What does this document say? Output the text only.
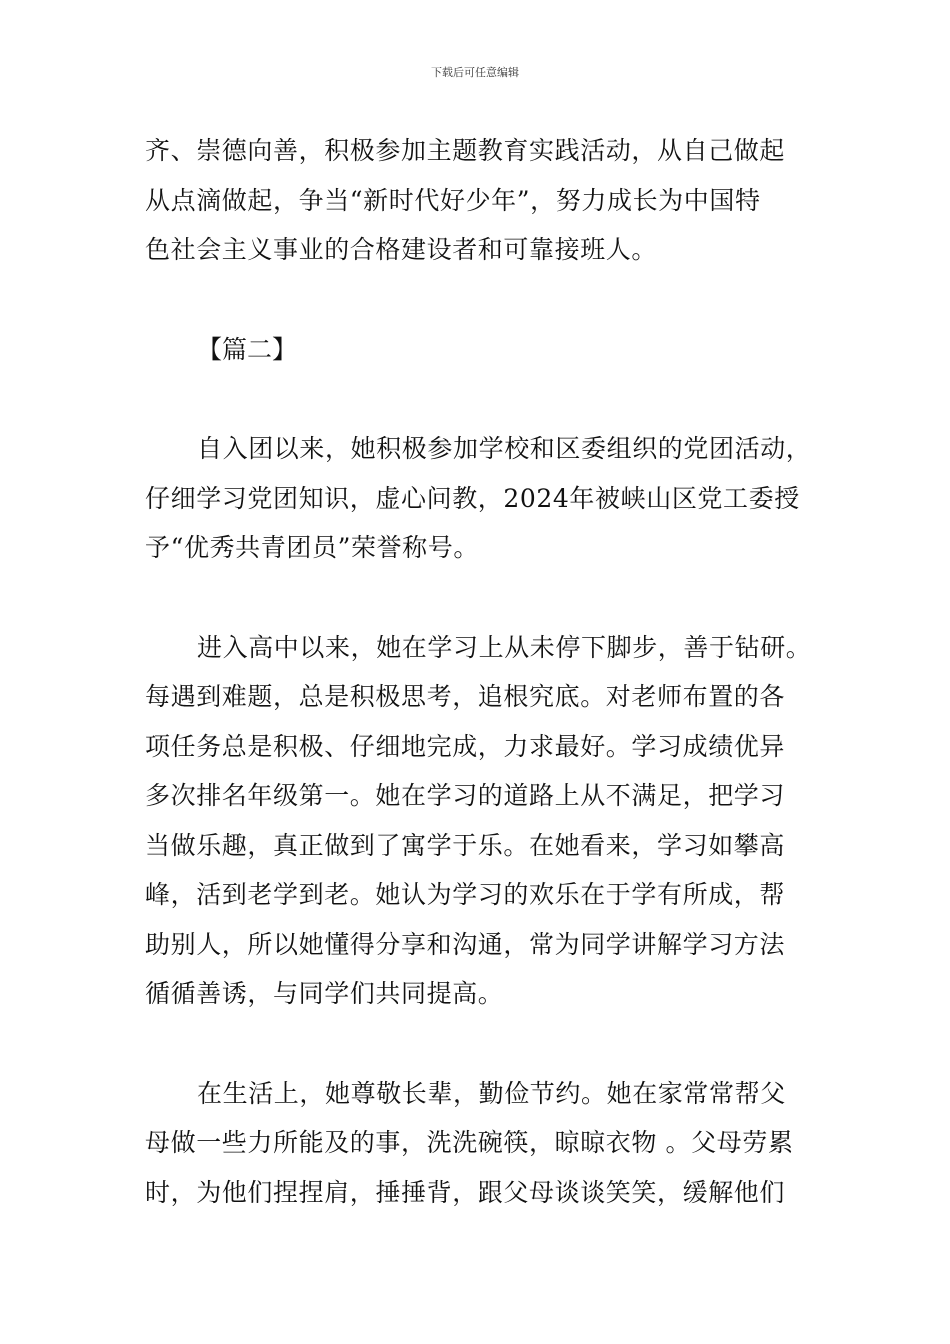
下载后可任意编辑

齐、崇德向善，积极参加主题教育实践活动，从自己做起
从点滴做起，争当“新时代好少年”，努力成长为中国特
色社会主义事业的合格建设者和可靠接班人。

【篇二】

自入团以来，她积极参加学校和区委组织的党团活动，
仔细学习党团知识，虚心问教，2024年被峡山区党工委授
予“优秀共青团员”荣誉称号。

进入高中以来，她在学习上从未停下脚步，善于钻研。
每遇到难题，总是积极思考，追根究底。对老师布置的各
项任务总是积极、仔细地完成，力求最好。学习成绩优异
多次排名年级第一。她在学习的道路上从不满足，把学习
当做乐趣，真正做到了寓学于乐。在她看来，学习如攀高
峰，活到老学到老。她认为学习的欢乐在于学有所成，帮
助别人，所以她懂得分享和沟通，常为同学讲解学习方法
循循善诱，与同学们共同提高。

在生活上，她尊敬长辈，勤俭节约。她在家常常帮父
母做一些力所能及的事，洗洗碗筷，晾晾衣物 。父母劳累
时，为他们捏捏肩，捶捶背，跟父母谈谈笑笑，缓解他们
